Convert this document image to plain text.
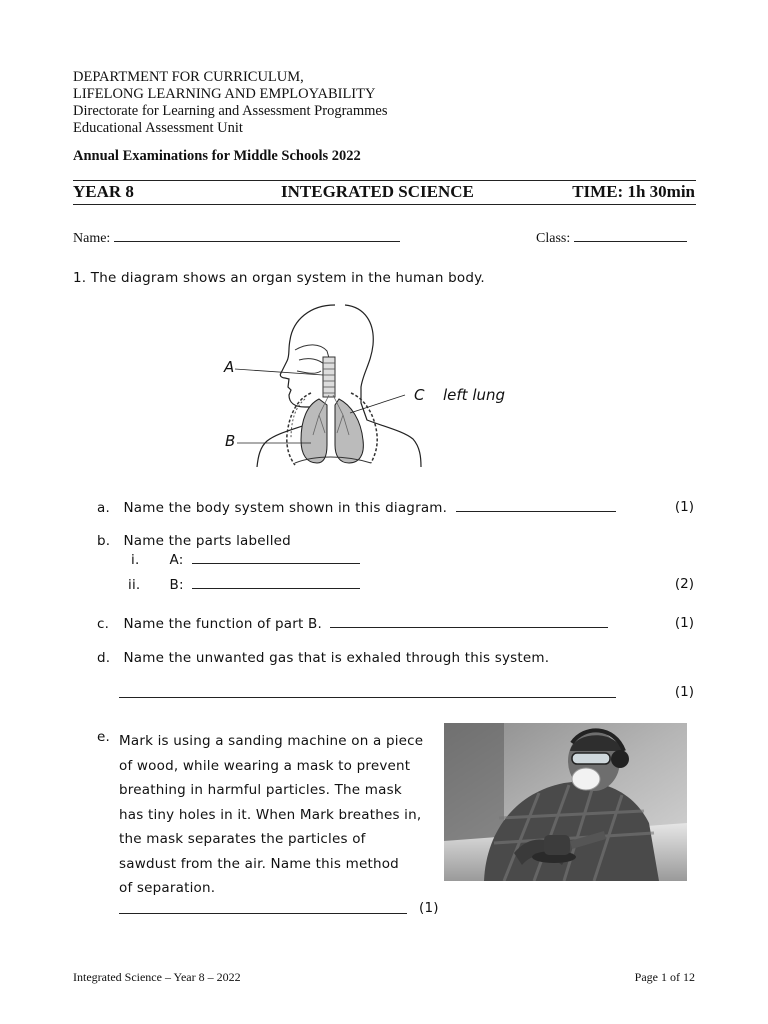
DEPARTMENT FOR CURRICULUM,
LIFELONG LEARNING AND EMPLOYABILITY
Directorate for Learning and Assessment Programmes
Educational Assessment Unit
Annual Examinations for Middle Schools 2022
YEAR 8	INTEGRATED SCIENCE	TIME: 1h 30min
Name:	Class:
1. The diagram shows an organ system in the human body.
A
B
C left lung
a. Name the body system shown in this diagram.	(1)
b. Name the parts labelled
i. A:
ii. B:	(2)
c. Name the function of part B.	(1)
d. Name the unwanted gas that is exhaled through this system.
(1)
e. Mark is using a sanding machine on a piece
of wood, while wearing a mask to prevent
breathing in harmful particles. The mask
has tiny holes in it. When Mark breathes in,
the mask separates the particles of
sawdust from the air. Name this method
of separation.
(1)
Integrated Science – Year 8 – 2022	Page 1 of 12
